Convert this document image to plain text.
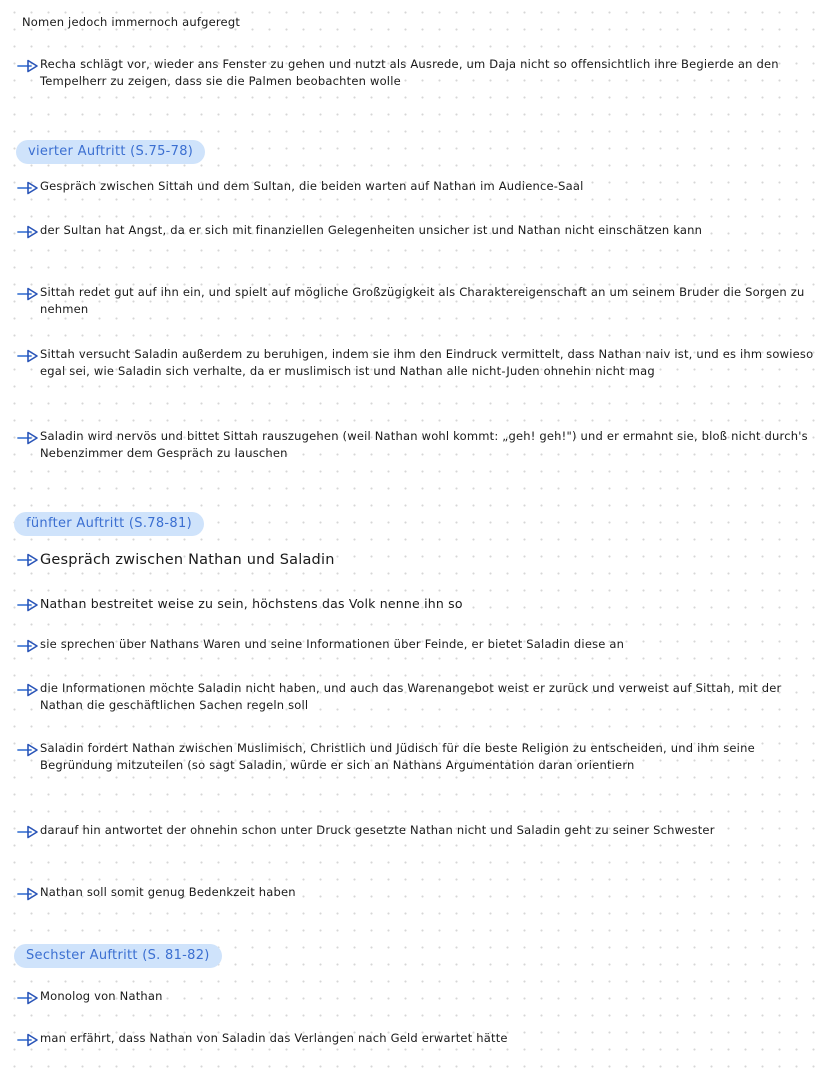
Nomen jedoch immernoch aufgeregt
Recha schlägt vor, wieder ans Fenster zu gehen und nutzt als Ausrede, um Daja nicht so offensichtlich ihre Begierde an den Tempelherr zu zeigen, dass sie die Palmen beobachten wolle
vierter Auftritt (S.75-78)
Gespräch zwischen Sittah und dem Sultan, die beiden warten auf Nathan im Audience-Saal
der Sultan hat Angst, da er sich mit finanziellen Gelegenheiten unsicher ist und Nathan nicht einschätzen kann
Sittah redet gut auf ihn ein, und spielt auf mögliche Großzügigkeit als Charaktereigenschaft an um seinem Bruder die Sorgen zu nehmen
Sittah versucht Saladin außerdem zu beruhigen, indem sie ihm den Eindruck vermittelt, dass Nathan naiv ist, und es ihm sowieso egal sei, wie Saladin sich verhalte, da er muslimisch ist und Nathan alle nicht-Juden ohnehin nicht mag
Saladin wird nervös und bittet Sittah rauszugehen (weil Nathan wohl kommt: „geh! geh!") und er ermahnt sie, bloß nicht durch's Nebenzimmer dem Gespräch zu lauschen
fünfter Auftritt (S.78-81)
Gespräch zwischen Nathan und Saladin
Nathan bestreitet weise zu sein, höchstens das Volk nenne ihn so
sie sprechen über Nathans Waren und seine Informationen über Feinde, er bietet Saladin diese an
die Informationen möchte Saladin nicht haben, und auch das Warenangebot weist er zurück und verweist auf Sittah, mit der Nathan die geschäftlichen Sachen regeln soll
Saladin fordert Nathan zwischen Muslimisch, Christlich und Jüdisch für die beste Religion zu entscheiden, und ihm seine Begründung mitzuteilen (so sagt Saladin, würde er sich an Nathans Argumentation daran orientiern
darauf hin antwortet der ohnehin schon unter Druck gesetzte Nathan nicht und Saladin geht zu seiner Schwester
Nathan soll somit genug Bedenkzeit haben
Sechster Auftritt (S. 81-82)
Monolog von Nathan
man erfährt, dass Nathan von Saladin das Verlangen nach Geld erwartet hätte
